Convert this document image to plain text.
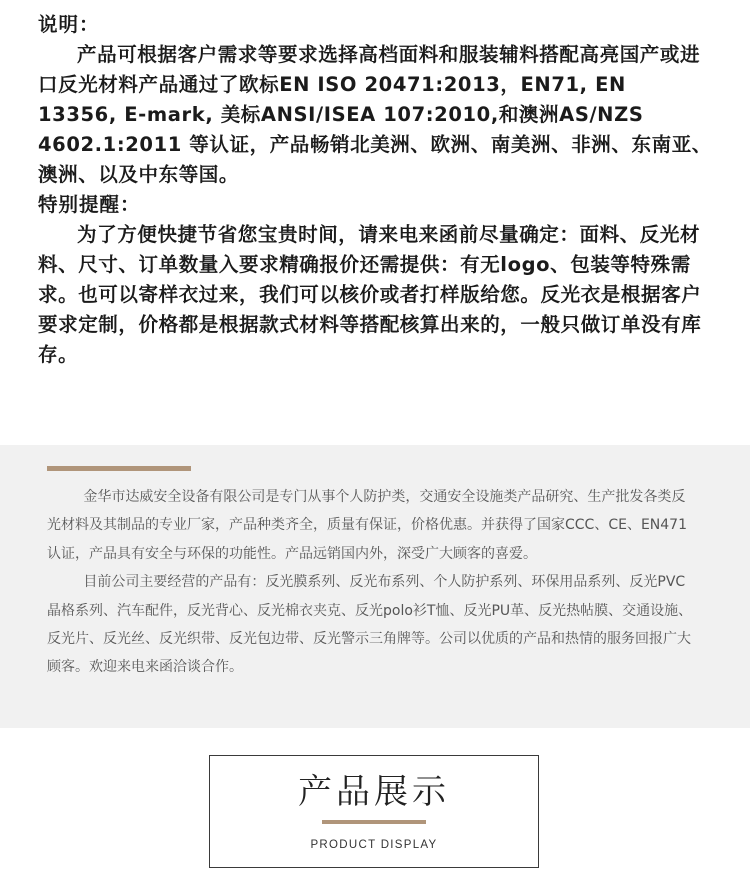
说明：

产品可根据客户需求等要求选择高档面料和服装辅料搭配高亮国产或进口反光材料产品通过了欧标EN ISO 20471:2013，EN71, EN 13356, E-mark, 美标ANSI/ISEA 107:2010,和澳洲AS/NZS 4602.1:2011 等认证，产品畅销北美洲、欧洲、南美洲、非洲、东南亚、澳洲、以及中东等国。

特别提醒：

为了方便快捷节省您宝贵时间，请来电来函前尽量确定：面料、反光材料、尺寸、订单数量入要求精确报价还需提供：有无logo、包装等特殊需求。也可以寄样衣过来，我们可以核价或者打样版给您。反光衣是根据客户要求定制，价格都是根据款式材料等搭配核算出来的，一般只做订单没有库存。

金华市达威安全设备有限公司是专门从事个人防护类，交通安全设施类产品研究、生产批发各类反光材料及其制品的专业厂家，产品种类齐全，质量有保证，价格优惠。并获得了国家CCC、CE、EN471认证，产品具有安全与环保的功能性。产品远销国内外，深受广大顾客的喜爱。

目前公司主要经营的产品有：反光膜系列、反光布系列、个人防护系列、环保用品系列、反光PVC晶格系列、汽车配件，反光背心、反光棉衣夹克、反光polo衫T恤、反光PU革、反光热帖膜、交通设施、反光片、反光丝、反光织带、反光包边带、反光警示三角牌等。公司以优质的产品和热情的服务回报广大顾客。欢迎来电来函洽谈合作。

产品展示
PRODUCT DISPLAY
